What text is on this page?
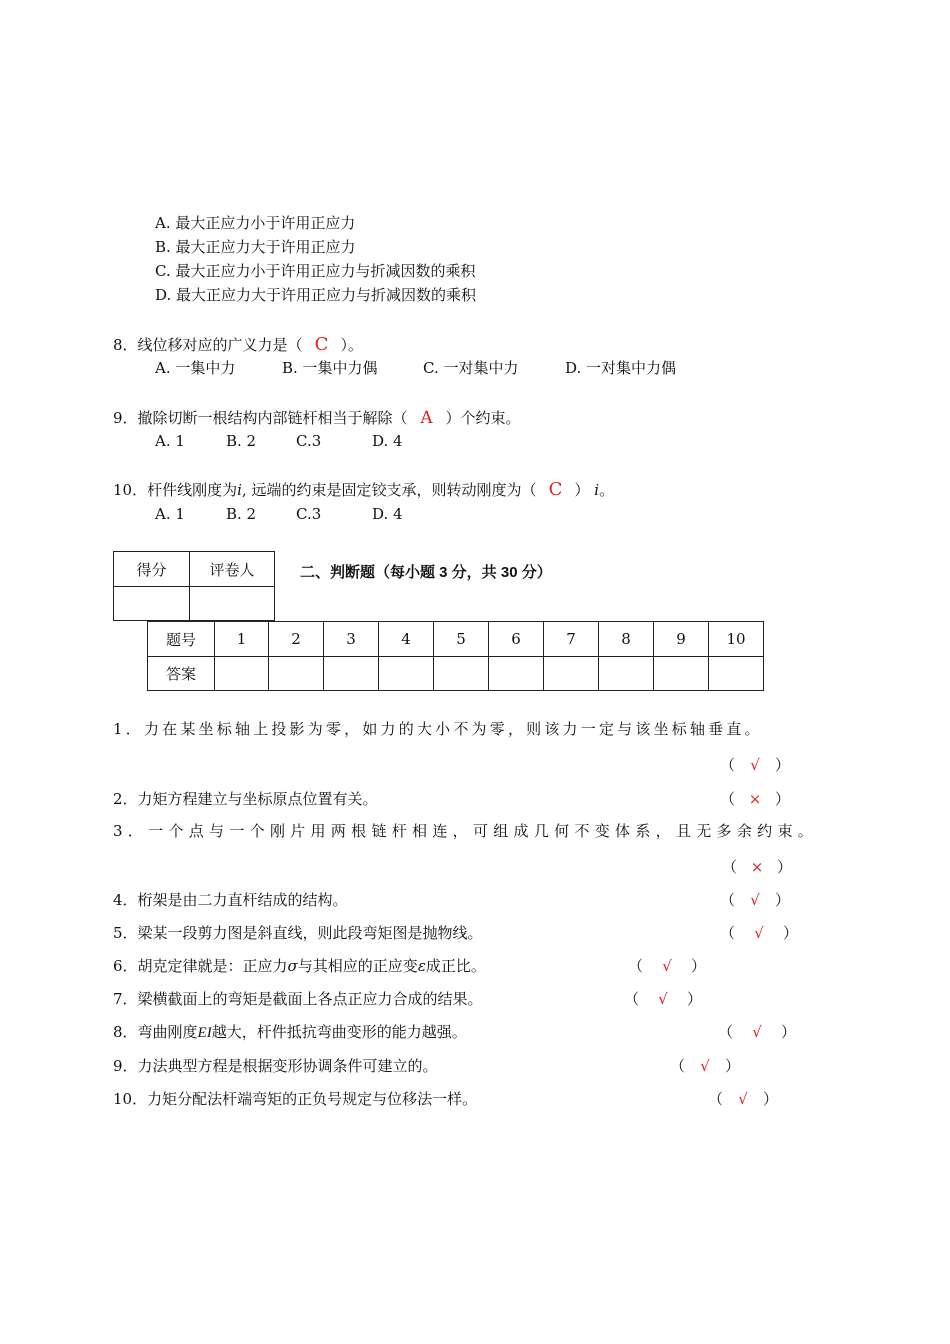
A. 最大正应力小于许用正应力
B. 最大正应力大于许用正应力
C. 最大正应力小于许用正应力与折减因数的乘积
D. 最大正应力大于许用正应力与折减因数的乘积
8．线位移对应的广义力是（ C ）。
A. 一集中力	B. 一集中力偶	C. 一对集中力	D. 一对集中力偶
9．撤除切断一根结构内部链杆相当于解除（ A ）个约束。
A. 1	B. 2	C.3	D. 4
10．杆件线刚度为i, 远端的约束是固定铰支承，则转动刚度为（ C ） i。
A. 1	B. 2	C.3	D. 4
得分	评卷人
		二、判断题（每小题 3 分，共 30 分）
题号	1	2	3	4	5	6	7	8	9	10
答案										
1．力在某坐标轴上投影为零，如力的大小不为零，则该力一定与该坐标轴垂直。
（ √ ）
2．力矩方程建立与坐标原点位置有关。	（ × ）
3．一个点与一个刚片用两根链杆相连，可组成几何不变体系，且无多余约束。
（ × ）
4．桁架是由二力直杆结成的结构。	（ √ ）
5．梁某一段剪力图是斜直线，则此段弯矩图是抛物线。	（ √ ）
6．胡克定律就是：正应力σ与其相应的正应变ε成正比。	（ √ ）
7．梁横截面上的弯矩是截面上各点正应力合成的结果。	（ √ ）
8．弯曲刚度EI越大，杆件抵抗弯曲变形的能力越强。	（ √ ）
9．力法典型方程是根据变形协调条件可建立的。	（ √ ）
10．力矩分配法杆端弯矩的正负号规定与位移法一样。	（ √ ）
